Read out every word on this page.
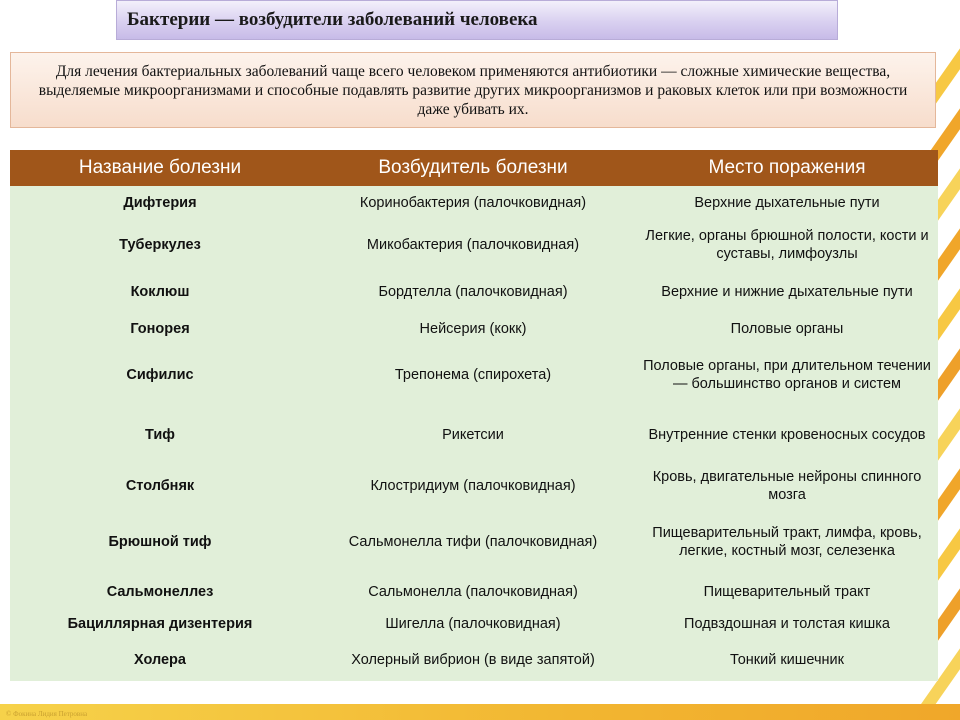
Бактерии — возбудители заболеваний человека
Для лечения бактериальных заболеваний чаще всего человеком применяются антибиотики — сложные химические вещества, выделяемые микроорганизмами и способные подавлять развитие других микроорганизмов и раковых клеток или при возможности даже убивать их.
Название болезни	Возбудитель болезни	Место поражения
Дифтерия	Коринобактерия (палочковидная)	Верхние дыхательные пути
Туберкулез	Микобактерия (палочковидная)	Легкие, органы брюшной полости, кости и суставы, лимфоузлы
Коклюш	Бордтелла (палочковидная)	Верхние и нижние дыхательные пути
Гонорея	Нейсерия (кокк)	Половые органы
Сифилис	Трепонема (спирохета)	Половые органы, при длительном течении — большинство органов и систем
Тиф	Рикетсии	Внутренние стенки кровеносных сосудов
Столбняк	Клостридиум (палочковидная)	Кровь, двигательные нейроны спинного мозга
Брюшной тиф	Сальмонелла тифи (палочковидная)	Пищеварительный тракт, лимфа, кровь, легкие, костный мозг, селезенка
Сальмонеллез	Сальмонелла (палочковидная)	Пищеварительный тракт
Бациллярная дизентерия	Шигелла (палочковидная)	Подвздошная и толстая кишка
Холера	Холерный вибрион (в виде запятой)	Тонкий кишечник
© Фокина Лидия Петровна
